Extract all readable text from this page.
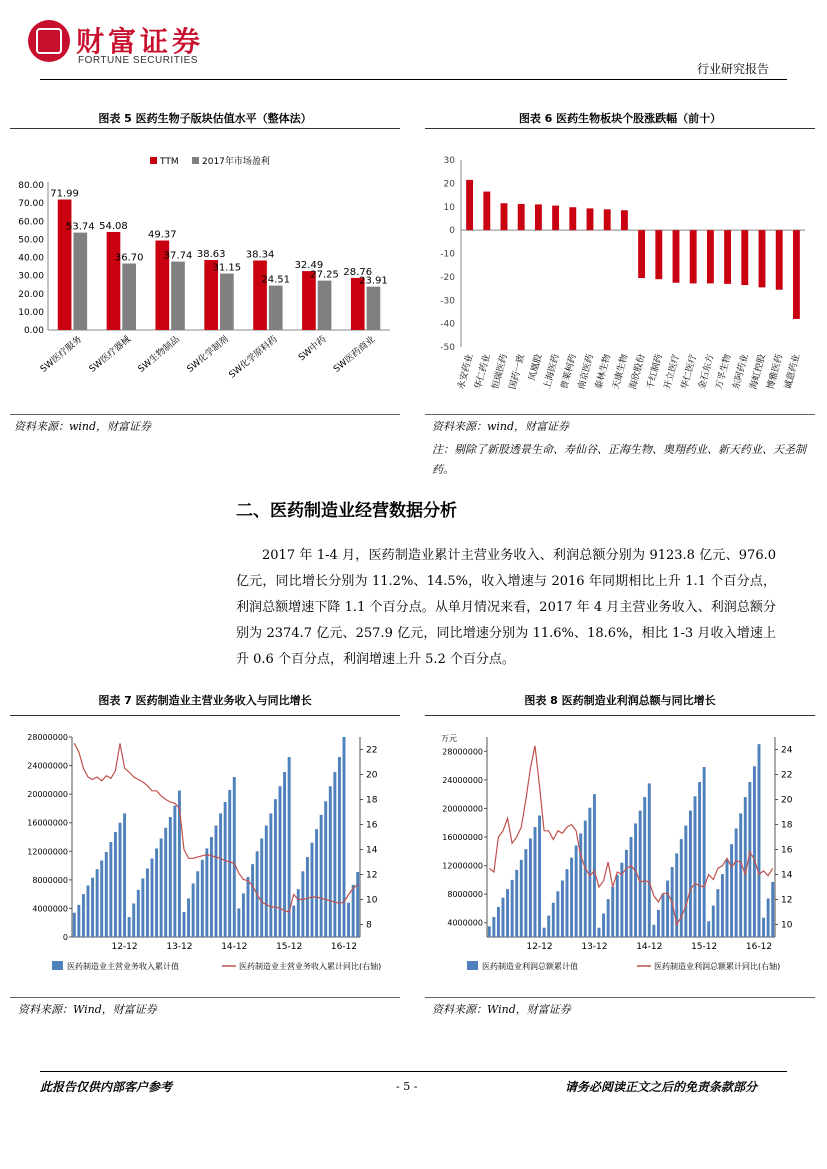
财富证券
FORTUNE SECURITIES
行业研究报告
图表 5 医药生物子版块估值水平（整体法）
TTM	2017年市场盈利
0.00
10.00
20.00
30.00
40.00
50.00
60.00
70.00
80.00
71.99
53.74
SW医疗服务
54.08
36.70
SW医疗器械
49.37
37.74
SW生物制品
38.63
31.15
SW化学制剂
38.34
24.51
SW化学原料药
32.49
27.25
SW中药
28.76
23.91
SW医药商业
资料来源：wind，财富证券
图表 6 医药生物板块个股涨跌幅（前十）
30
20
10
0
-10
-20
-30
-40
-50
永安药业
华仁药业
恒瑞医药
国药一致 凤凰股
上海医药
普莱柯药
南京医药
泰林生物
天康生物
海欣股份
千红制药
开立医疗
华仁医疗
金石东方
万孚生物
东阿药业
海虹控股
博雅医药
诚意药业
资料来源：wind，财富证券
注：剔除了新股透景生命、寿仙谷、正海生物、奥翔药业、新天药业、天圣制药。
二、医药制造业经营数据分析
2017 年 1-4 月，医药制造业累计主营业务收入、利润总额分别为 9123.8 亿元、976.0 亿元，同比增长分别为 11.2%、14.5%，收入增速与 2016 年同期相比上升 1.1 个百分点，利润总额增速下降 1.1 个百分点。从单月情况来看，2017 年 4 月主营业务收入、利润总额分别为 2374.7 亿元、257.9 亿元，同比增速分别为 11.6%、18.6%，相比 1-3 月收入增速上升 0.6 个百分点，利润增速上升 5.2 个百分点。
图表 7 医药制造业主营业务收入与同比增长
0
4000000
8000000
12000000
16000000
20000000
24000000
28000000
8
10
12
14
16
18
20
22
12-12	13-12	14-12	15-12	16-12
医药制造业主营业务收入累计值	医药制造业主营业务收入累计同比(右轴)
资料来源：Wind，财富证券
图表 8 医药制造业利润总额与同比增长
万元
4000000
8000000
12000000
16000000
20000000
24000000
28000000
10
12
14
16
18
20
22
24
12-12	13-12	14-12	15-12	16-12
医药制造业利润总额累计值	医药制造业利润总额累计同比(右轴)
资料来源：Wind，财富证券
此报告仅供内部客户参考	- 5 -	请务必阅读正文之后的免责条款部分
